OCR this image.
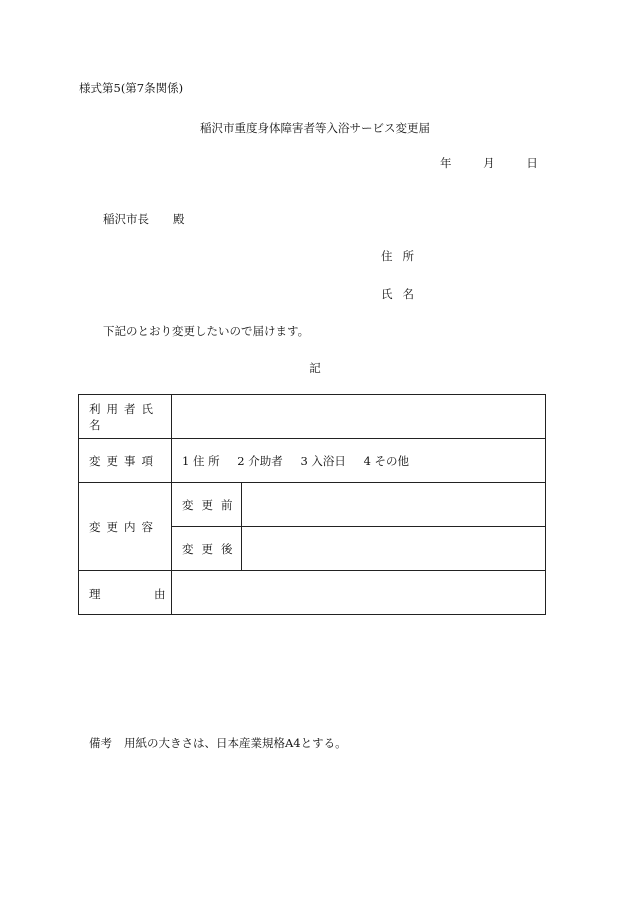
様式第5(第7条関係)
稲沢市重度身体障害者等入浴サービス変更届
年	月	日
稲沢市長 殿
住所
氏名
下記のとおり変更したいので届けます。
記
利用者氏名		
変更事項	1 住 所 2 介助者 3 入浴日 4 その他	
変更内容	変更前	
	変更後	

理 由		

備考 用紙の大きさは、日本産業規格A4とする。
